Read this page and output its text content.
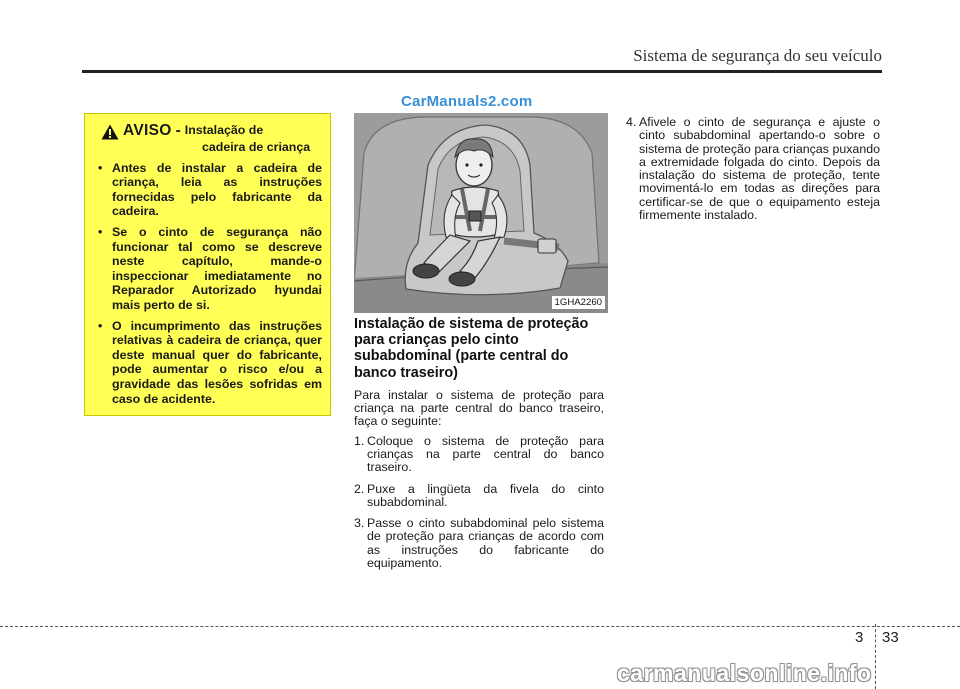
Sistema de segurança do seu veículo
CarManuals2.com
AVISO - Instalação de
cadeira de criança
• Antes de instalar a cadeira de criança, leia as instruções fornecidas pelo fabricante da cadeira.
• Se o cinto de segurança não funcionar tal como se descreve neste capítulo, mande-o inspeccionar imediatamente no Reparador Autorizado hyundai mais perto de si.
• O incumprimento das instruções relativas à cadeira de criança, quer deste manual quer do fabricante, pode aumentar o risco e/ou a gravidade das lesões sofridas em caso de acidente.
1GHA2260
Instalação de sistema de proteção para crianças pelo cinto subabdominal (parte central do banco traseiro)

Para instalar o sistema de proteção para criança na parte central do banco traseiro, faça o seguinte:

1. Coloque o sistema de proteção para crianças na parte central do banco traseiro.
2. Puxe a lingüeta da fivela do cinto subabdominal.
3. Passe o cinto subabdominal pelo sistema de proteção para crianças de acordo com as instruções do fabricante do equipamento.
4. Afivele o cinto de segurança e ajuste o cinto subabdominal apertando-o sobre o sistema de proteção para crianças puxando a extremidade folgada do cinto. Depois da instalação do sistema de proteção, tente movimentá-lo em todas as direções para certificar-se de que o equipamento esteja firmemente instalado.
3 33
carmanualsonline.info
